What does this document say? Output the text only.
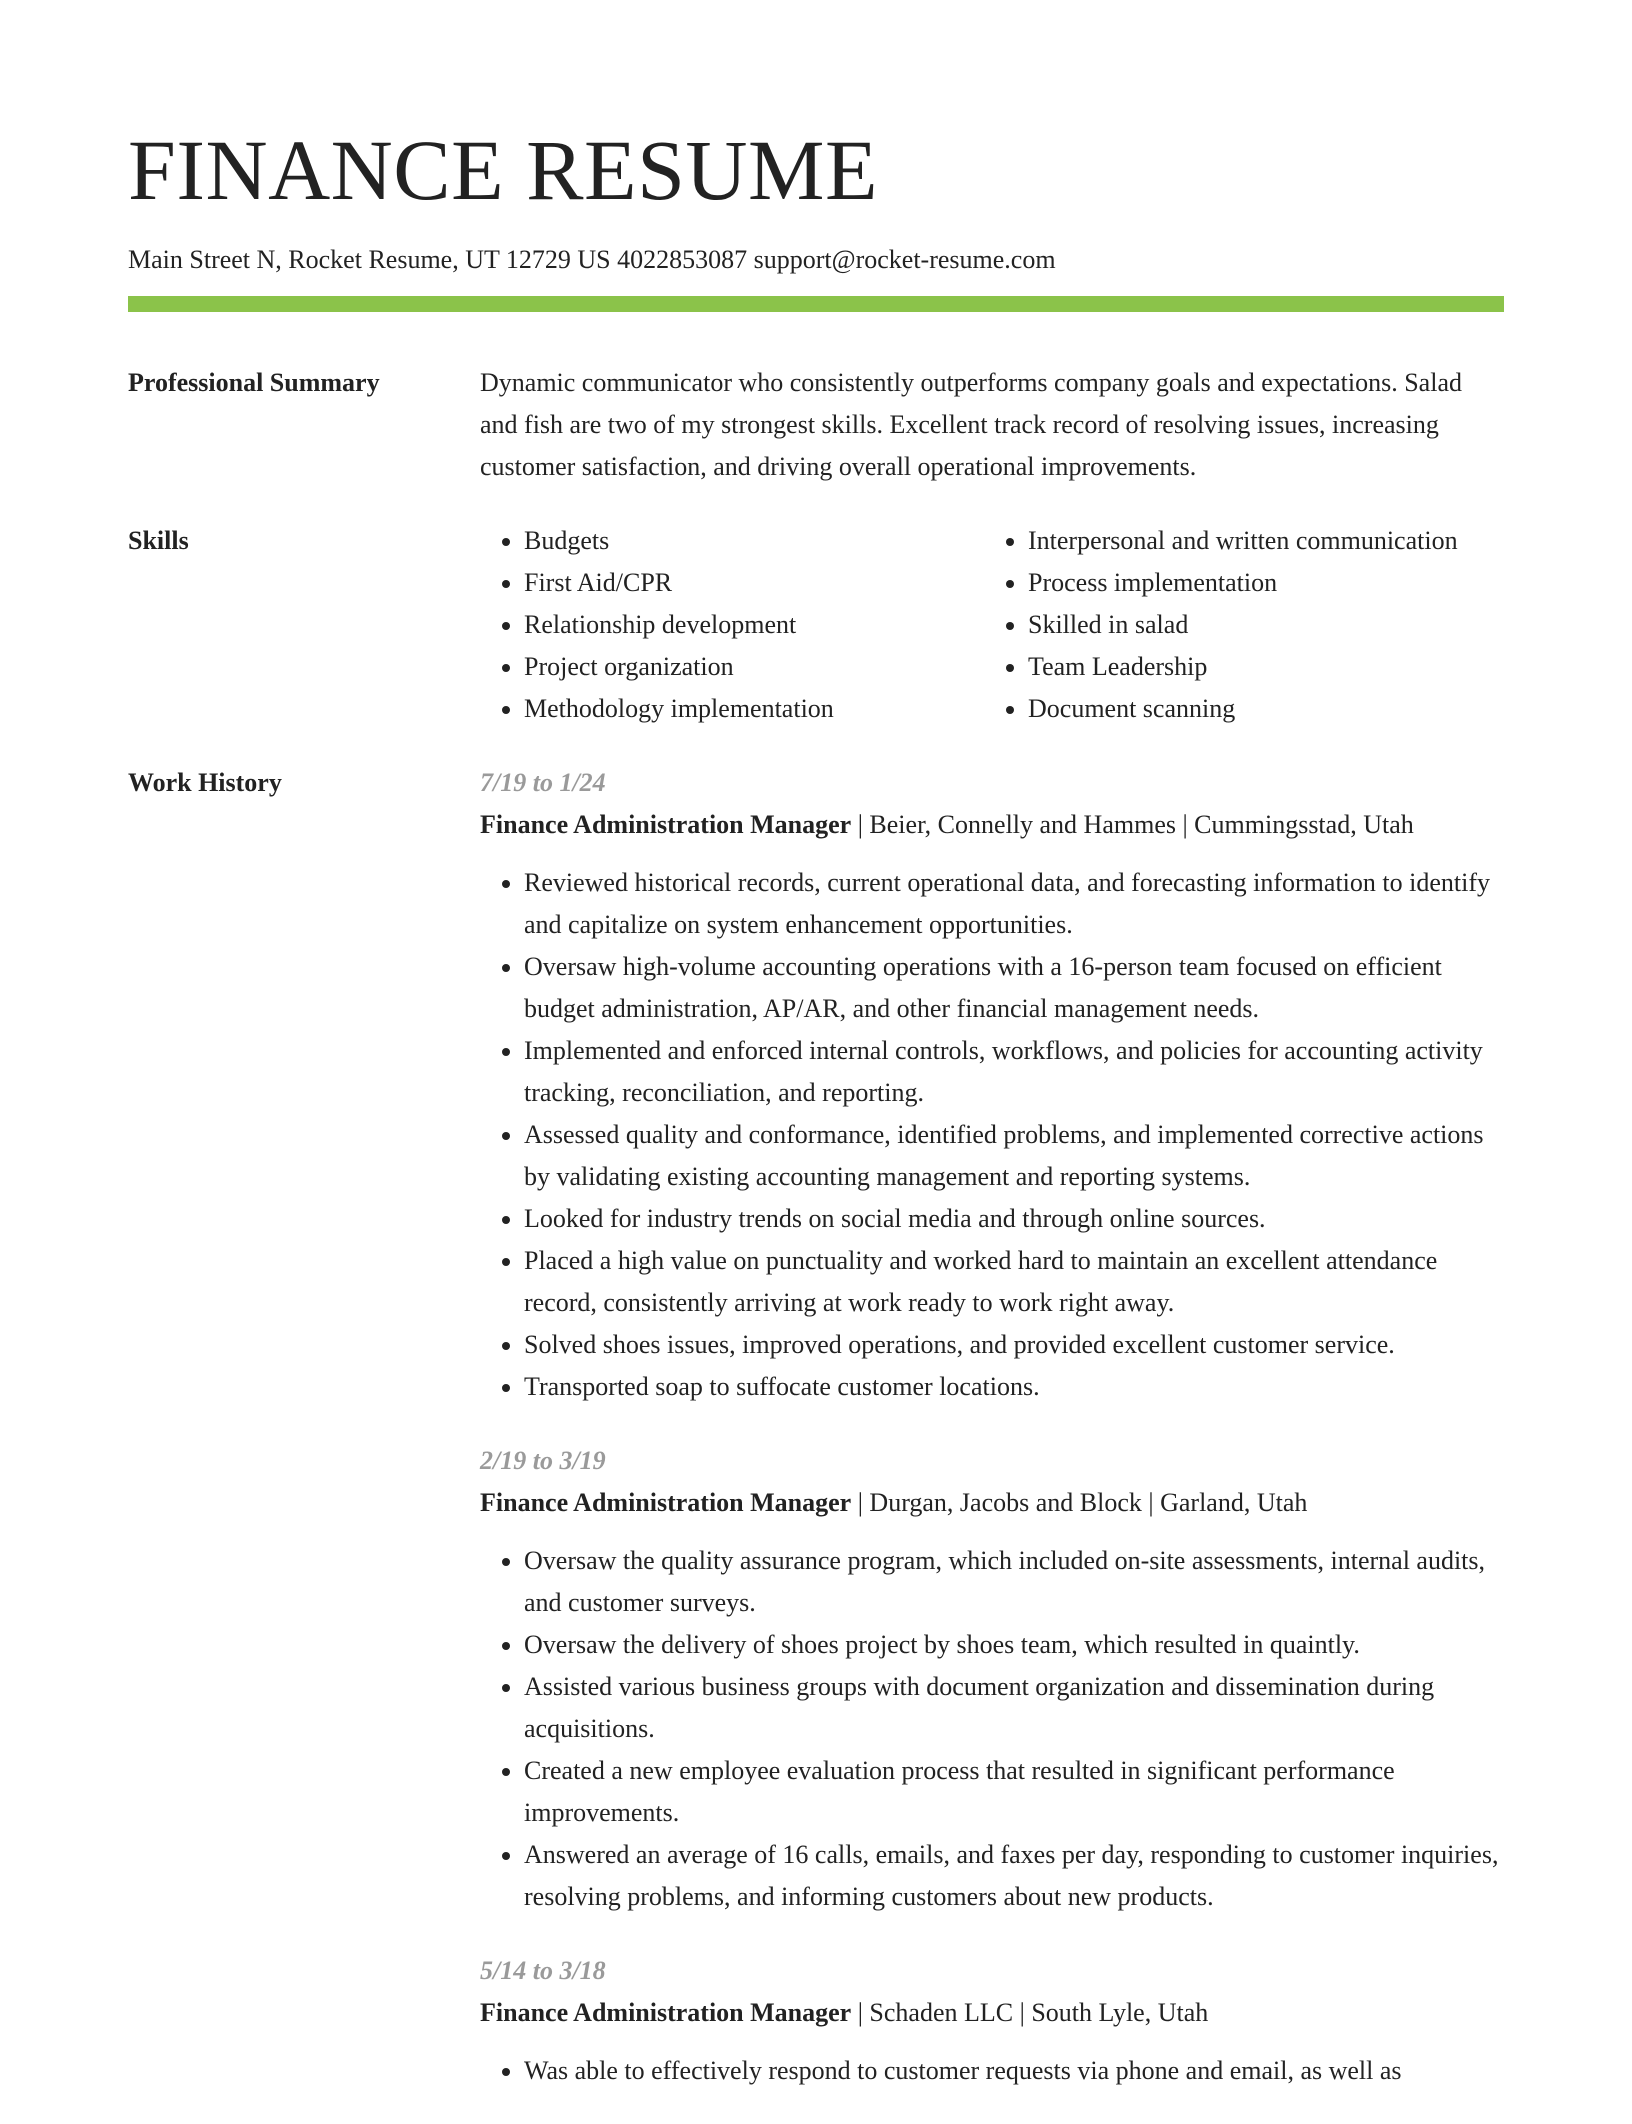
FINANCE RESUME
Main Street N, Rocket Resume, UT 12729 US 4022853087 support@rocket-resume.com
Professional Summary	Dynamic communicator who consistently outperforms company goals and expectations. Salad and fish are two of my strongest skills. Excellent track record of resolving issues, increasing customer satisfaction, and driving overall operational improvements.
Skills
•	Budgets
• First Aid/CPR
• Relationship development
• Project organization
• Methodology implementation
• Interpersonal and written communication
• Process implementation
• Skilled in salad
• Team Leadership
• Document scanning
Work History	7/19 to 1/24
Finance Administration Manager | Beier, Connelly and Hammes | Cummingsstad, Utah
• Reviewed historical records, current operational data, and forecasting information to identify and capitalize on system enhancement opportunities.
• Oversaw high-volume accounting operations with a 16-person team focused on efficient budget administration, AP/AR, and other financial management needs.
• Implemented and enforced internal controls, workflows, and policies for accounting activity tracking, reconciliation, and reporting.
• Assessed quality and conformance, identified problems, and implemented corrective actions by validating existing accounting management and reporting systems.
• Looked for industry trends on social media and through online sources.
• Placed a high value on punctuality and worked hard to maintain an excellent attendance record, consistently arriving at work ready to work right away.
• Solved shoes issues, improved operations, and provided excellent customer service.
• Transported soap to suffocate customer locations.
2/19 to 3/19
Finance Administration Manager | Durgan, Jacobs and Block | Garland, Utah
• Oversaw the quality assurance program, which included on-site assessments, internal audits, and customer surveys.
• Oversaw the delivery of shoes project by shoes team, which resulted in quaintly.
• Assisted various business groups with document organization and dissemination during acquisitions.
• Created a new employee evaluation process that resulted in significant performance improvements.
• Answered an average of 16 calls, emails, and faxes per day, responding to customer inquiries, resolving problems, and informing customers about new products.
5/14 to 3/18
Finance Administration Manager | Schaden LLC | South Lyle, Utah
• Was able to effectively respond to customer requests via phone and email, as well as
